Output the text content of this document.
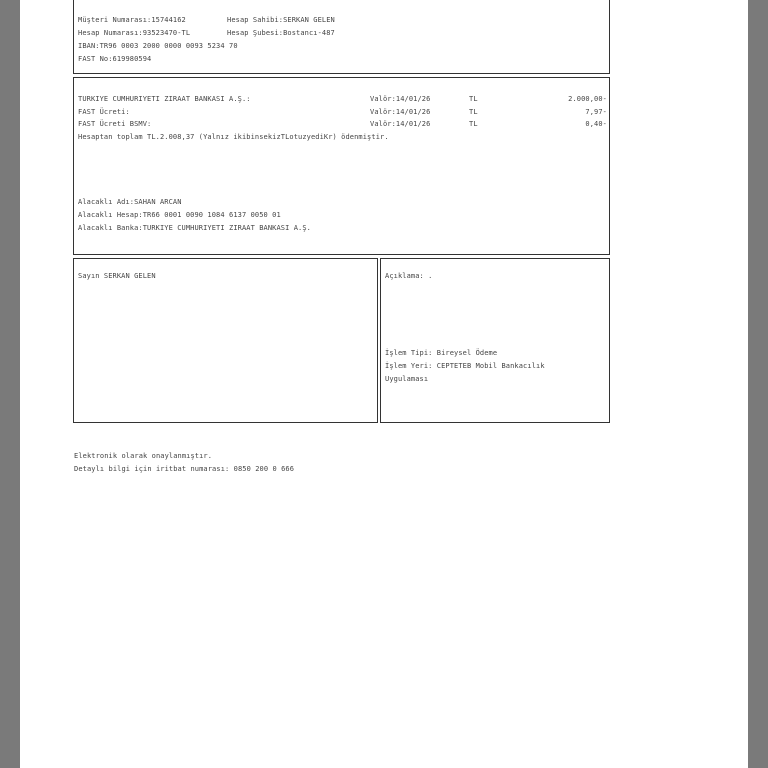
Müşteri Numarası:15744162	Hesap Sahibi:SERKAN GELEN
Hesap Numarası:93523470-TL	Hesap Şubesi:Bostancı-487
IBAN:TR96 0003 2000 0000 0093 5234 70
FAST No:619980594
TURKIYE CUMHURIYETI ZIRAAT BANKASI A.Ş.:	Valör:14/01/26	TL	2.000,00-
FAST Ücreti:	Valör:14/01/26	TL	7,97-
FAST Ücreti BSMV:	Valör:14/01/26	TL	0,40-
Hesaptan toplam TL.2.008,37 (Yalnız ikibinsekizTLotuzyediKr) ödenmiştir.
Alacaklı Adı:SAHAN ARCAN
Alacaklı Hesap:TR66 0001 0090 1084 6137 0050 01
Alacaklı Banka:TURKIYE CUMHURIYETI ZIRAAT BANKASI A.Ş.
Sayın SERKAN GELEN	Açıklama: .
İşlem Tipi: Bireysel Ödeme
İşlem Yeri: CEPTETEB Mobil Bankacılık
Uygulaması
Elektronik olarak onaylanmıştır.
Detaylı bilgi için iritbat numarası: 0850 200 0 666
